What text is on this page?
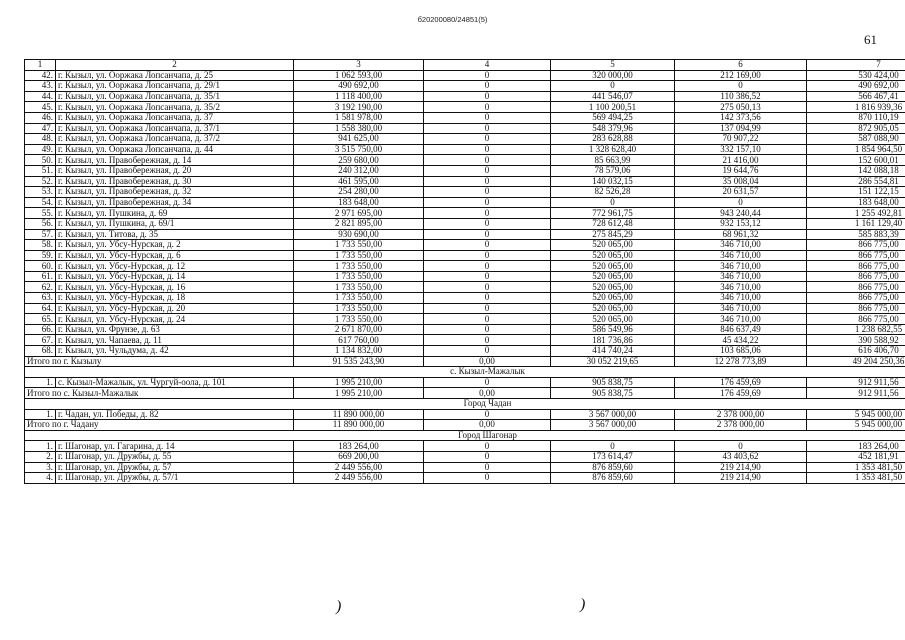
б20200080/24851(5)
61
1	2	3	4	5	6	7
42.	г. Кызыл, ул. Ооржака Лопсанчапа, д. 25	1 062 593,00	0	320 000,00	212 169,00	530 424,00
43.	г. Кызыл, ул. Ооржака Лопсанчапа, д. 29/1	490 692,00	0	0	0	490 692,00
44.	г. Кызыл, ул. Ооржака Лопсанчапа, д. 35/1	1 118 400,00	0	441 546,07	110 386,52	566 467,41
45.	г. Кызыл, ул. Ооржака Лопсанчапа, д. 35/2	3 192 190,00	0	1 100 200,51	275 050,13	1 816 939,36
46.	г. Кызыл, ул. Ооржака Лопсанчапа, д. 37	1 581 978,00	0	569 494,25	142 373,56	870 110,19
47.	г. Кызыл, ул. Ооржака Лопсанчапа, д. 37/1	1 558 380,00	0	548 379,96	137 094,99	872 905,05
48.	г. Кызыл, ул. Ооржака Лопсанчапа, д. 37/2	941 625,00	0	283 628,88	70 907,22	587 088,90
49.	г. Кызыл, ул. Ооржака Лопсанчапа, д. 44	3 515 750,00	0	1 328 628,40	332 157,10	1 854 964,50
50.	г. Кызыл, ул. Правобережная, д. 14	259 680,00	0	85 663,99	21 416,00	152 600,01
51.	г. Кызыл, ул. Правобережная, д. 20	240 312,00	0	78 579,06	19 644,76	142 088,18
52.	г. Кызыл, ул. Правобережная, д. 30	461 595,00	0	140 032,15	35 008,04	286 554,81
53.	г. Кызыл, ул. Правобережная, д. 32	254 280,00	0	82 526,28	20 631,57	151 122,15
54.	г. Кызыл, ул. Правобережная, д. 34	183 648,00	0	0	0	183 648,00
55.	г. Кызыл, ул. Пушкина, д. 69	2 971 695,00	0	772 961,75	943 240,44	1 255 492,81
56.	г. Кызыл, ул. Пушкина, д. 69/1	2 821 895,00	0	728 612,48	932 153,12	1 161 129,40
57.	г. Кызыл, ул. Титова, д. 35	930 690,00	0	275 845,29	68 961,32	585 883,39
58.	г. Кызыл, ул. Убсу-Нурская, д. 2	1 733 550,00	0	520 065,00	346 710,00	866 775,00
59.	г. Кызыл, ул. Убсу-Нурская, д. 6	1 733 550,00	0	520 065,00	346 710,00	866 775,00
60.	г. Кызыл, ул. Убсу-Нурская, д. 12	1 733 550,00	0	520 065,00	346 710,00	866 775,00
61.	г. Кызыл, ул. Убсу-Нурская, д. 14	1 733 550,00	0	520 065,00	346 710,00	866 775,00
62.	г. Кызыл, ул. Убсу-Нурская, д. 16	1 733 550,00	0	520 065,00	346 710,00	866 775,00
63.	г. Кызыл, ул. Убсу-Нурская, д. 18	1 733 550,00	0	520 065,00	346 710,00	866 775,00
64.	г. Кызыл, ул. Убсу-Нурская, д. 20	1 733 550,00	0	520 065,00	346 710,00	866 775,00
65.	г. Кызыл, ул. Убсу-Нурская, д. 24	1 733 550,00	0	520 065,00	346 710,00	866 775,00
66.	г. Кызыл, ул. Фрунзе, д. 63	2 671 870,00	0	586 549,96	846 637,49	1 238 682,55
67.	г. Кызыл, ул. Чапаева, д. 11	617 760,00	0	181 736,86	45 434,22	390 588,92
68.	г. Кызыл, ул. Чульдума, д. 42	1 134 832,00	0	414 740,24	103 685,06	616 406,70
Итого по г. Кызылу		91 535 243,90	0,00	30 052 219,65	12 278 773,89	49 204 250,36
с. Кызыл-Мажалык						
1.	с. Кызыл-Мажалык, ул. Чургуй-оола, д. 101	1 995 210,00	0	905 838,75	176 459,69	912 911,56
Итого по с. Кызыл-Мажалык		1 995 210,00	0,00	905 838,75	176 459,69	912 911,56
Город Чадан						
1.	г. Чадан, ул. Победы, д. 82	11 890 000,00	0	3 567 000,00	2 378 000,00	5 945 000,00
Итого по г. Чадану		11 890 000,00	0,00	3 567 000,00	2 378 000,00	5 945 000,00
Город Шагонар						
1.	г. Шагонар, ул. Гагарина, д. 14	183 264,00	0	0	0	183 264,00
2.	г. Шагонар, ул. Дружбы, д. 55	669 200,00	0	173 614,47	43 403,62	452 181,91
3.	г. Шагонар, ул. Дружбы, д. 57	2 449 556,00	0	876 859,60	219 214,90	1 353 481,50
4.	г. Шагонар, ул. Дружбы, д. 57/1	2 449 556,00	0	876 859,60	219 214,90	1 353 481,50
)	)
